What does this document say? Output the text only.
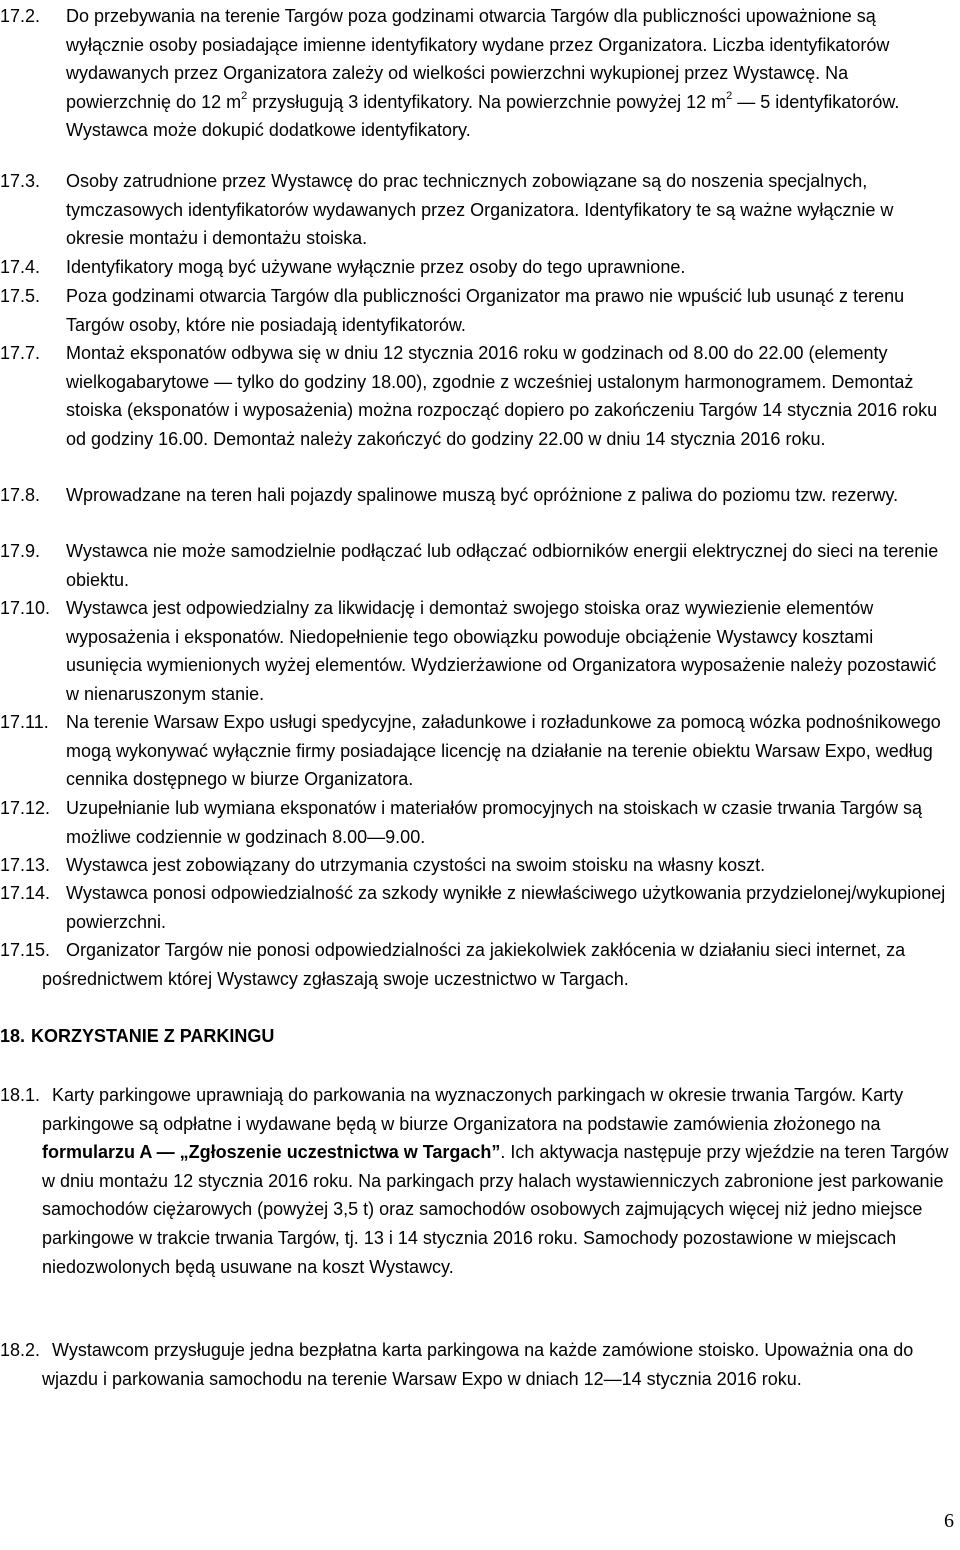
17.2. Do przebywania na terenie Targów poza godzinami otwarcia Targów dla publiczności upoważnione są wyłącznie osoby posiadające imienne identyfikatory wydane przez Organizatora. Liczba identyfikatorów wydawanych przez Organizatora zależy od wielkości powierzchni wykupionej przez Wystawcę. Na powierzchnię do 12 $m^2$ przysługują 3 identyfikatory. Na powierzchnie powyżej 12 $m^2$ — 5 identyfikatorów. Wystawca może dokupić dodatkowe identyfikatory.
17.3. Osoby zatrudnione przez Wystawcę do prac technicznych zobowiązane są do noszenia specjalnych, tymczasowych identyfikatorów wydawanych przez Organizatora. Identyfikatory te są ważne wyłącznie w okresie montażu i demontażu stoiska.
17.4. Identyfikatory mogą być używane wyłącznie przez osoby do tego uprawnione.
17.5. Poza godzinami otwarcia Targów dla publiczności Organizator ma prawo nie wpuścić lub usunąć z terenu Targów osoby, które nie posiadają identyfikatorów.
17.7. Montaż eksponatów odbywa się w dniu 12 stycznia 2016 roku w godzinach od 8.00 do 22.00 (elementy wielkogabarytowe — tylko do godziny 18.00), zgodnie z wcześniej ustalonym harmonogramem. Demontaż stoiska (eksponatów i wyposażenia) można rozpocząć dopiero po zakończeniu Targów 14 stycznia 2016 roku od godziny 16.00. Demontaż należy zakończyć do godziny 22.00 w dniu 14 stycznia 2016 roku.
17.8. Wprowadzane na teren hali pojazdy spalinowe muszą być opróżnione z paliwa do poziomu tzw. rezerwy.
17.9. Wystawca nie może samodzielnie podłączać lub odłączać odbiorników energii elektrycznej do sieci na terenie obiektu.
17.10. Wystawca jest odpowiedzialny za likwidację i demontaż swojego stoiska oraz wywiezienie elementów wyposażenia i eksponatów. Niedopełnienie tego obowiązku powoduje obciążenie Wystawcy kosztami usunięcia wymienionych wyżej elementów. Wydzierżawione od Organizatora wyposażenie należy pozostawić w nienaruszonym stanie.
17.11. Na terenie Warsaw Expo usługi spedycyjne, załadunkowe i rozładunkowe za pomocą wózka podnośnikowego mogą wykonywać wyłącznie firmy posiadające licencję na działanie na terenie obiektu Warsaw Expo, według cennika dostępnego w biurze Organizatora.
17.12. Uzupełnianie lub wymiana eksponatów i materiałów promocyjnych na stoiskach w czasie trwania Targów są możliwe codziennie w godzinach 8.00—9.00.
17.13. Wystawca jest zobowiązany do utrzymania czystości na swoim stoisku na własny koszt.
17.14. Wystawca ponosi odpowiedzialność za szkody wynikłe z niewłaściwego użytkowania przydzielonej/wykupionej powierzchni.
17.15. Organizator Targów nie ponosi odpowiedzialności za jakiekolwiek zakłócenia w działaniu sieci internet, za pośrednictwem której Wystawcy zgłaszają swoje uczestnictwo w Targach.
18. KORZYSTANIE Z PARKINGU
18.1. Karty parkingowe uprawniają do parkowania na wyznaczonych parkingach w okresie trwania Targów. Karty parkingowe są odpłatne i wydawane będą w biurze Organizatora na podstawie zamówienia złożonego na formularzu A — „Zgłoszenie uczestnictwa w Targach”. Ich aktywacja następuje przy wjeździe na teren Targów w dniu montażu 12 stycznia 2016 roku. Na parkingach przy halach wystawienniczych zabronione jest parkowanie samochodów ciężarowych (powyżej 3,5 t) oraz samochodów osobowych zajmujących więcej niż jedno miejsce parkingowe w trakcie trwania Targów, tj. 13 i 14 stycznia 2016 roku. Samochody pozostawione w miejscach niedozwolonych będą usuwane na koszt Wystawcy.
18.2. Wystawcom przysługuje jedna bezpłatna karta parkingowa na każde zamówione stoisko. Upoważnia ona do wjazdu i parkowania samochodu na terenie Warsaw Expo w dniach 12—14 stycznia 2016 roku.
6
